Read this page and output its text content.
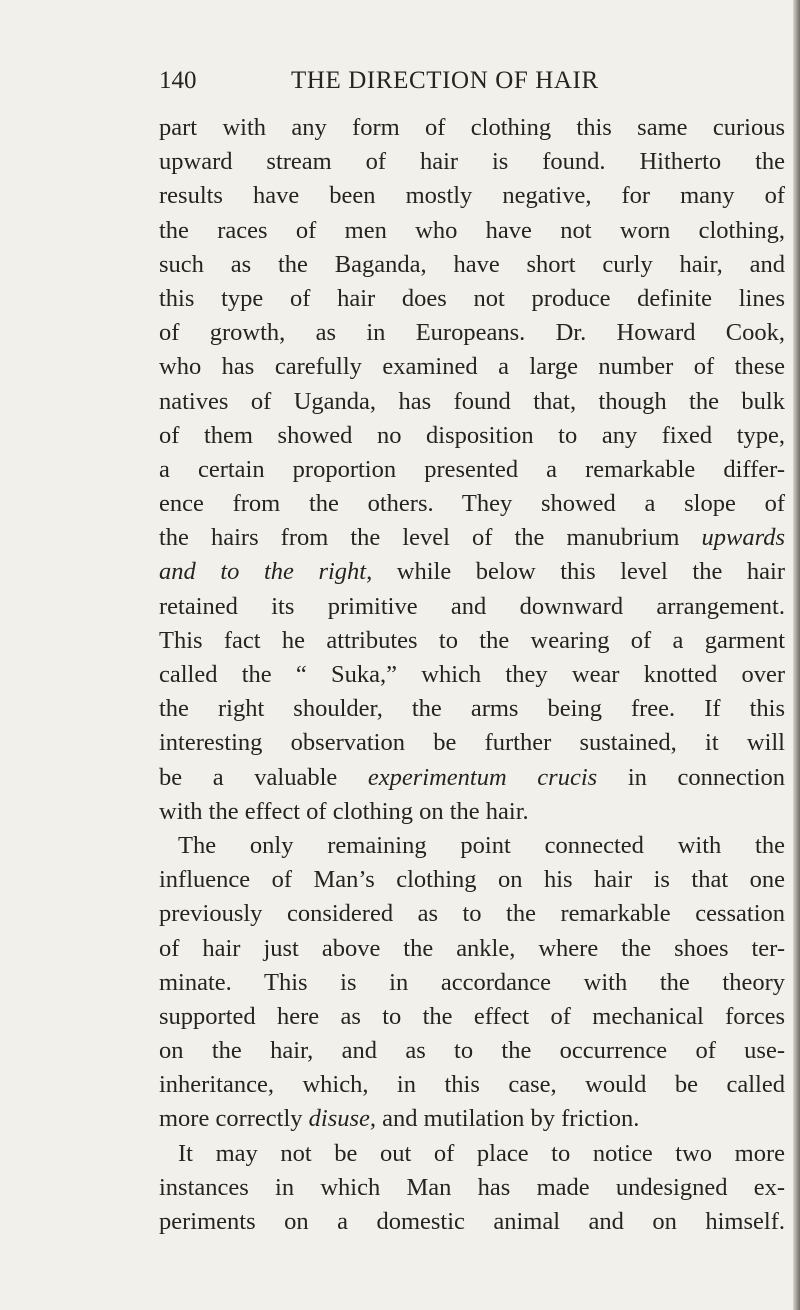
140	THE DIRECTION OF HAIR
part with any form of clothing this same curious
upward stream of hair is found. Hitherto the
results have been mostly negative, for many of
the races of men who have not worn clothing,
such as the Baganda, have short curly hair, and
this type of hair does not produce definite lines
of growth, as in Europeans. Dr. Howard Cook,
who has carefully examined a large number of these
natives of Uganda, has found that, though the bulk
of them showed no disposition to any fixed type,
a certain proportion presented a remarkable differ-
ence from the others. They showed a slope of
the hairs from the level of the manubrium upwards
and to the right, while below this level the hair
retained its primitive and downward arrangement.
This fact he attributes to the wearing of a garment
called the “ Suka,” which they wear knotted over
the right shoulder, the arms being free. If this
interesting observation be further sustained, it will
be a valuable experimentum crucis in connection
with the effect of clothing on the hair.
The only remaining point connected with the
influence of Man’s clothing on his hair is that one
previously considered as to the remarkable cessation
of hair just above the ankle, where the shoes ter-
minate. This is in accordance with the theory
supported here as to the effect of mechanical forces
on the hair, and as to the occurrence of use-
inheritance, which, in this case, would be called
more correctly disuse, and mutilation by friction.
It may not be out of place to notice two more
instances in which Man has made undesigned ex-
periments on a domestic animal and on himself.
